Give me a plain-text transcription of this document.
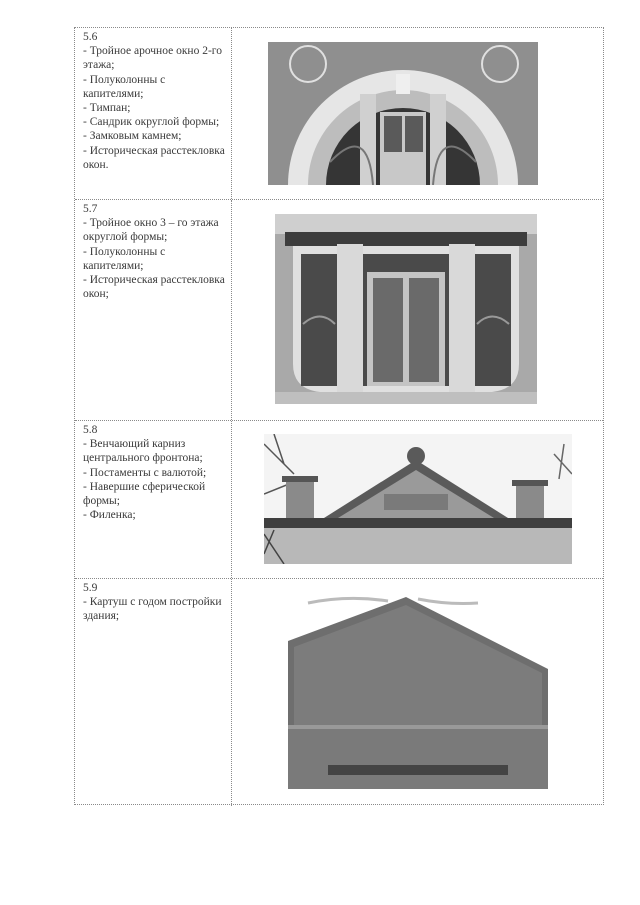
5.6
- Тройное арочное окно 2-го этажа;
- Полуколонны с капителями;
- Тимпан;
- Сандрик округлой формы;
- Замковым камнем;
- Историческая расстекловка окон.
5.7
- Тройное окно 3 – го этажа округлой формы;
- Полуколонны с капителями;
- Историческая расстекловка окон;
5.8
- Венчающий карниз центрального фронтона;
- Постаменты с валютой;
- Навершие сферической формы;
- Филенка;
5.9
- Картуш с годом постройки здания;
